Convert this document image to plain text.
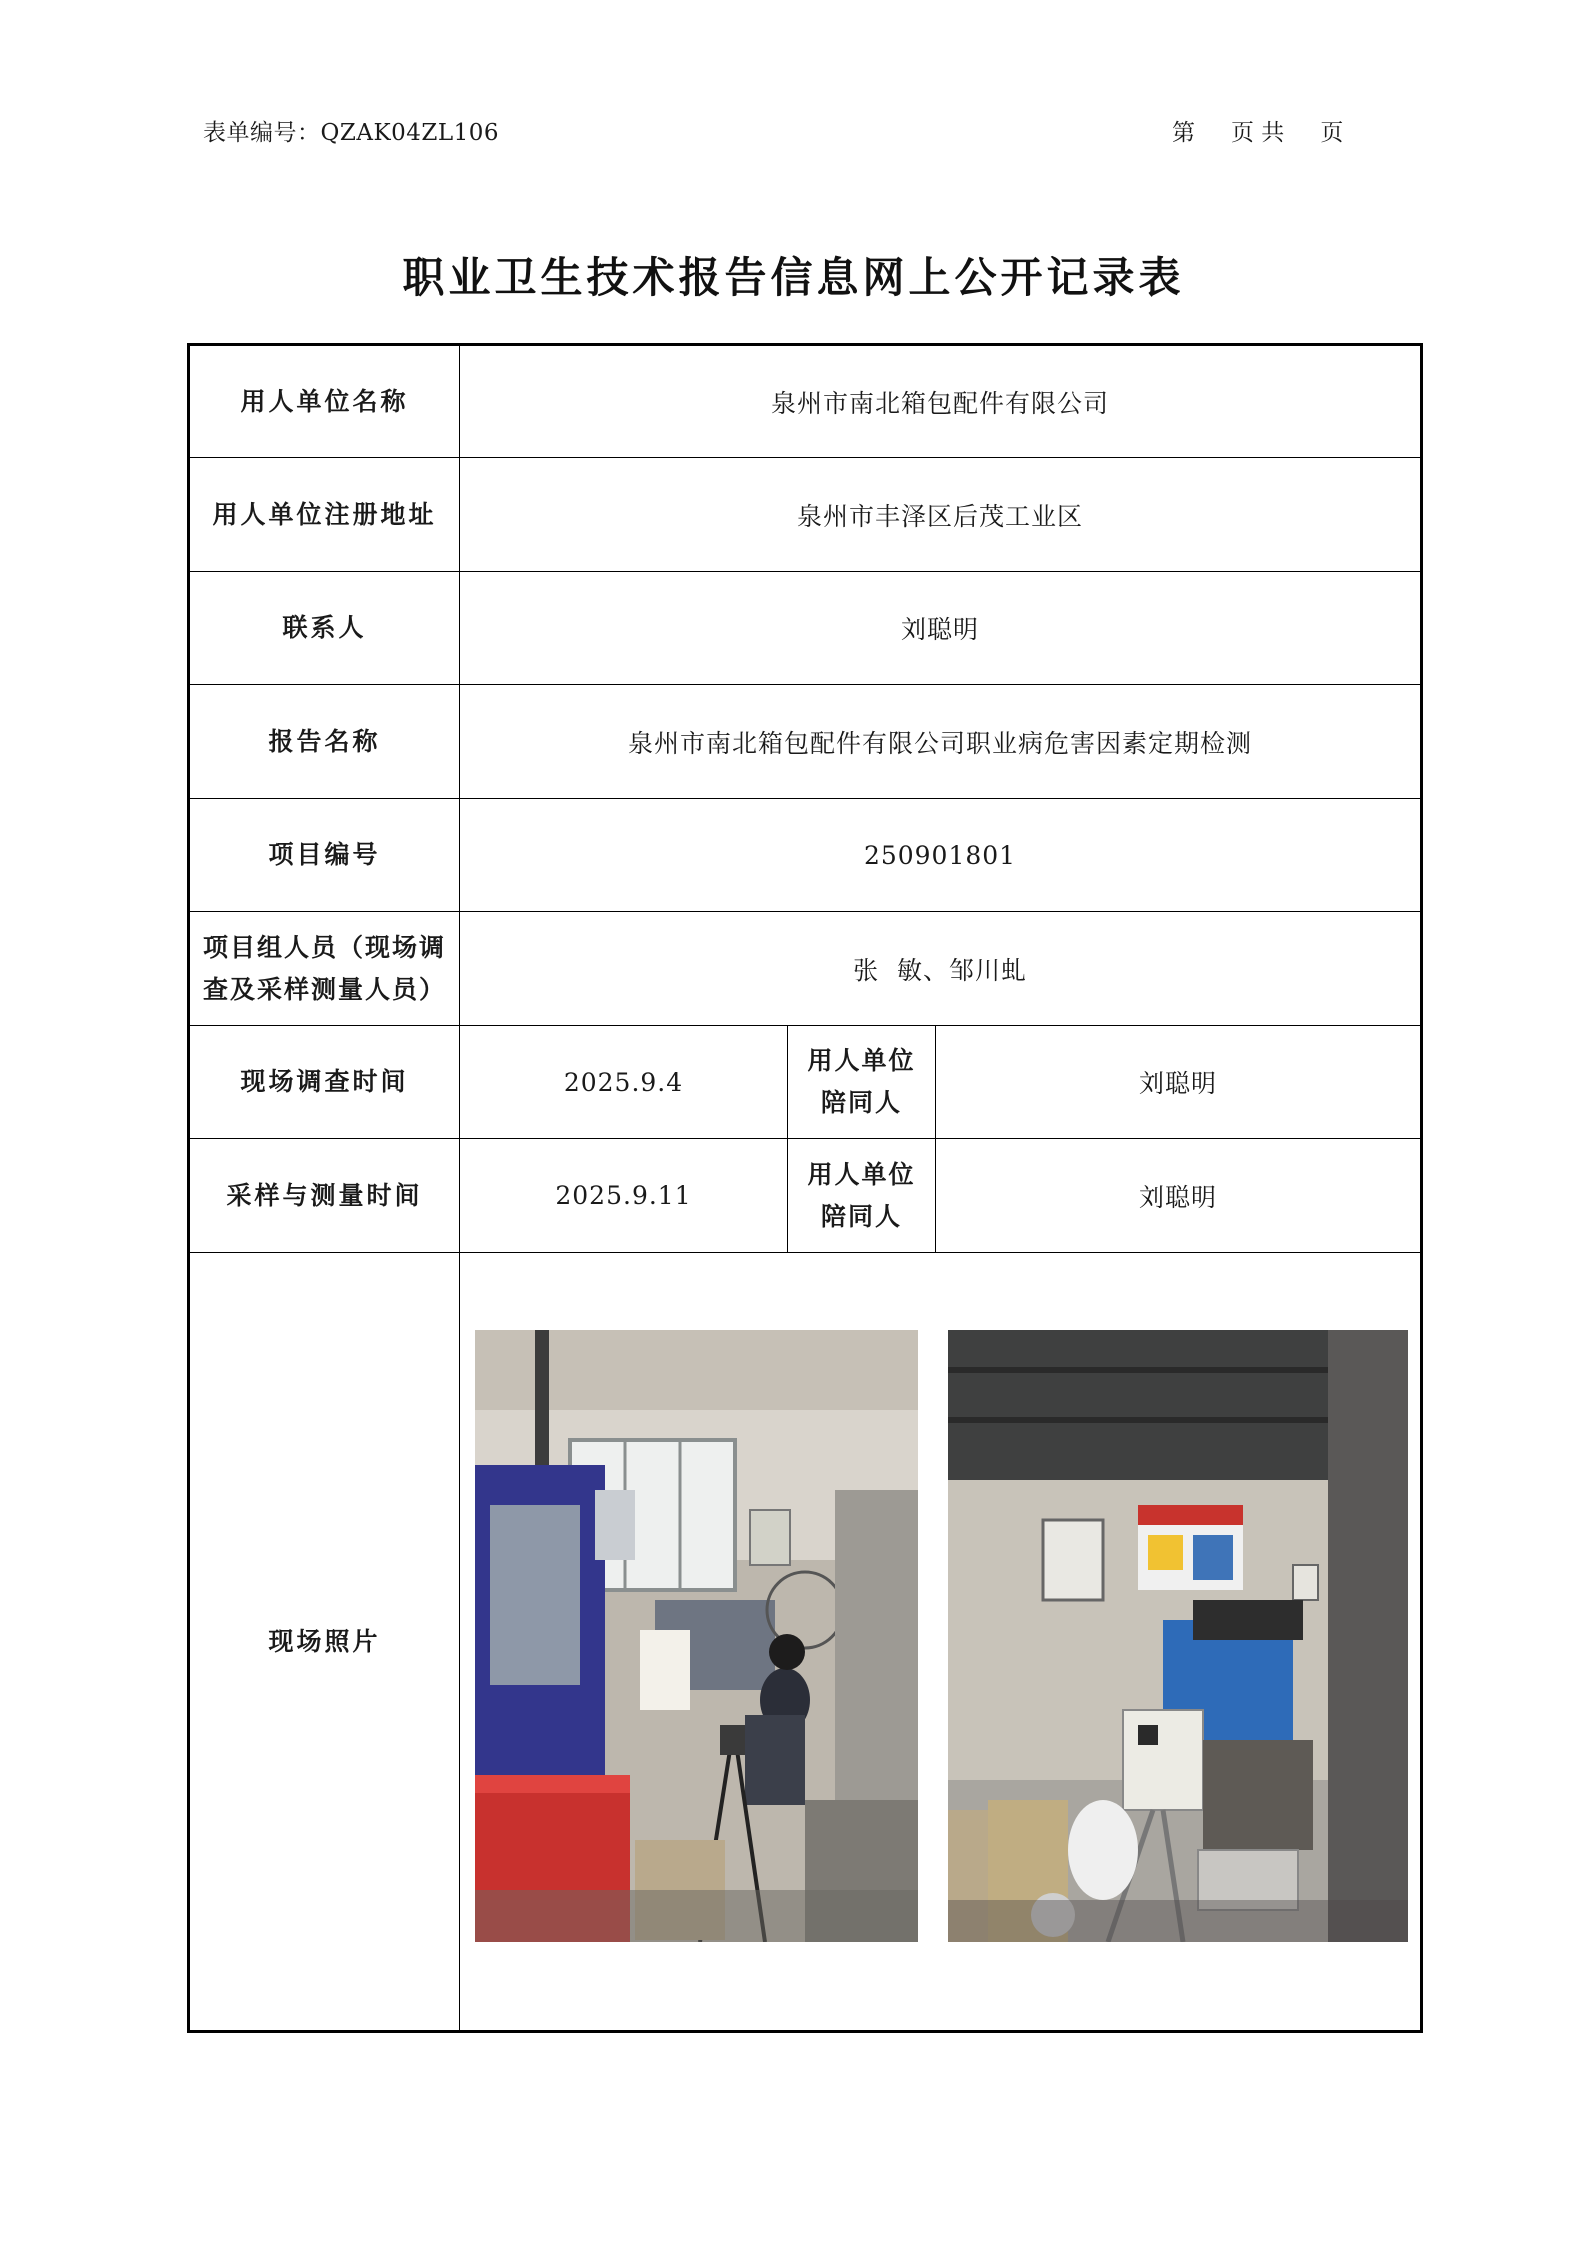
表单编号：QZAK04ZL106	第 页 共 页
职业卫生技术报告信息网上公开记录表
用人单位名称	泉州市南北箱包配件有限公司		
用人单位注册地址	泉州市丰泽区后茂工业区		
联系人	刘聪明		
报告名称	泉州市南北箱包配件有限公司职业病危害因素定期检测		
项目编号	250901801		

项目组人员（现场调
查及采样测量人员）	张  敏、邹川虬		
现场调查时间	2025.9.4	用人单位
陪同人	刘聪明
采样与测量时间	2025.9.11	用人单位
陪同人	刘聪明
现场照片	
